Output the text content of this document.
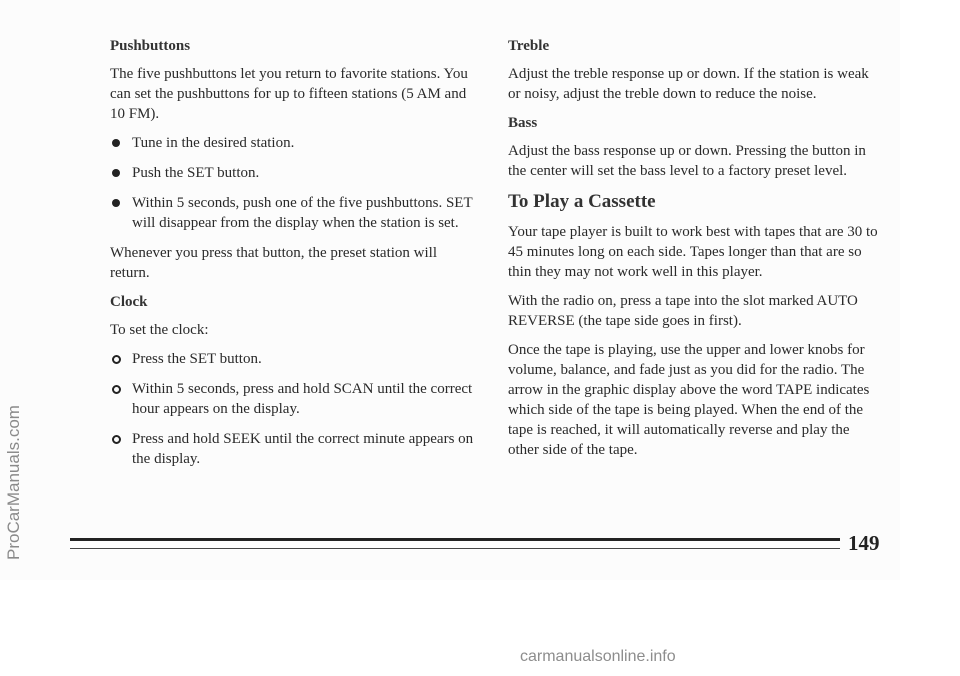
Pushbuttons

The five pushbuttons let you return to favorite stations. You can set the pushbuttons for up to fifteen stations (5 AM and 10 FM).

Tune in the desired station.
Push the SET button.
Within 5 seconds, push one of the five pushbuttons. SET will disappear from the display when the station is set.

Whenever you press that button, the preset station will return.

Clock

To set the clock:

Press the SET button.
Within 5 seconds, press and hold SCAN until the correct hour appears on the display.
Press and hold SEEK until the correct minute appears on the display.
Treble

Adjust the treble response up or down. If the station is weak or noisy, adjust the treble down to reduce the noise.

Bass

Adjust the bass response up or down. Pressing the button in the center will set the bass level to a factory preset level.

To Play a Cassette

Your tape player is built to work best with tapes that are 30 to 45 minutes long on each side. Tapes longer than that are so thin they may not work well in this player.

With the radio on, press a tape into the slot marked AUTO REVERSE (the tape side goes in first).

Once the tape is playing, use the upper and lower knobs for volume, balance, and fade just as you did for the radio. The arrow in the graphic display above the word TAPE indicates which side of the tape is being played. When the end of the tape is reached, it will automatically reverse and play the other side of the tape.

149
ProCarManuals.com
carmanualsonline.info
